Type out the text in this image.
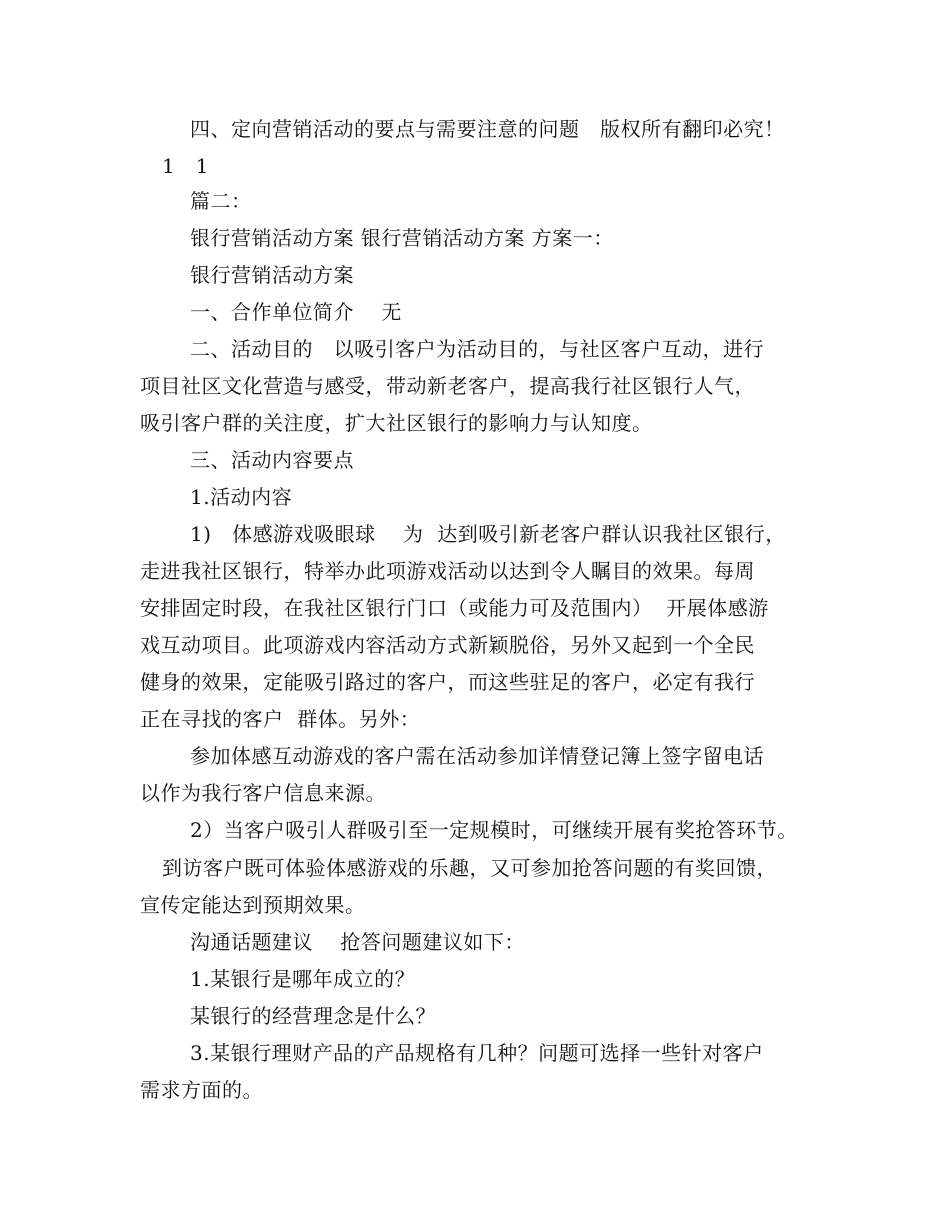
四、定向营销活动的要点与需要注意的问题   版权所有翻印必究！
1   1
篇二：
银行营销活动方案 银行营销活动方案 方案一：
银行营销活动方案
一、合作单位简介    无
二、活动目的   以吸引客户为活动目的，与社区客户互动，进行
项目社区文化营造与感受，带动新老客户，提高我行社区银行人气，
吸引客户群的关注度，扩大社区银行的影响力与认知度。
三、活动内容要点
1.活动内容
1)   体感游戏吸眼球    为  达到吸引新老客户群认识我社区银行，
走进我社区银行，特举办此项游戏活动以达到令人瞩目的效果。每周
安排固定时段，在我社区银行门口（或能力可及范围内）  开展体感游
戏互动项目。此项游戏内容活动方式新颖脱俗，另外又起到一个全民
健身的效果，定能吸引路过的客户，而这些驻足的客户，必定有我行
正在寻找的客户  群体。另外：
参加体感互动游戏的客户需在活动参加详情登记簿上签字留电话
以作为我行客户信息来源。
2）当客户吸引人群吸引至一定规模时，可继续开展有奖抢答环节。
到访客户既可体验体感游戏的乐趣，又可参加抢答问题的有奖回馈，
宣传定能达到预期效果。
沟通话题建议    抢答问题建议如下：
1.某银行是哪年成立的？
某银行的经营理念是什么？
3.某银行理财产品的产品规格有几种？问题可选择一些针对客户
需求方面的。
